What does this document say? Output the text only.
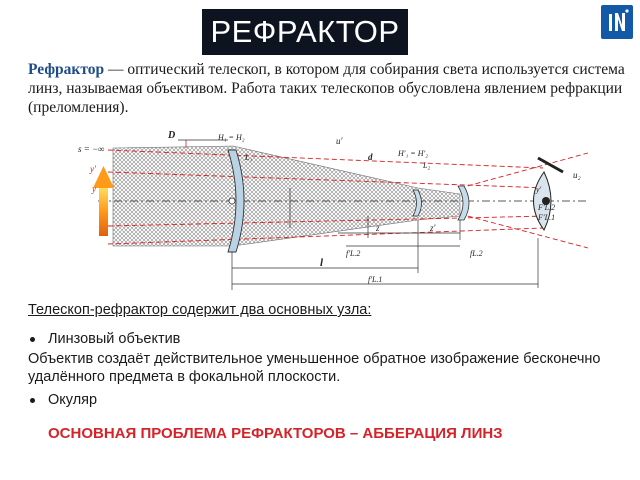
РЕФРАКТОР
Рефрактор — оптический телескоп, в котором для собирания света используется система линз, называемая объективом. Работа таких телескопов обусловлена явлением рефракции (преломления).
s = −∞
y′
y
D	H₁ = H₂
L₁
u′
d	H′₁ = H′₂
L₂
u₂
y′
F′L.2
F′L.1
z	z′
f′L.2	fL.2
l
f′L.1
Телескоп-рефрактор содержит два основных узла:
Линзовый объектив
Объектив создаёт действительное уменьшенное обратное изображение бесконечно удалённого предмета в фокальной плоскости.
Окуляр
ОСНОВНАЯ ПРОБЛЕМА РЕФРАКТОРОВ – АББЕРАЦИЯ ЛИНЗ
